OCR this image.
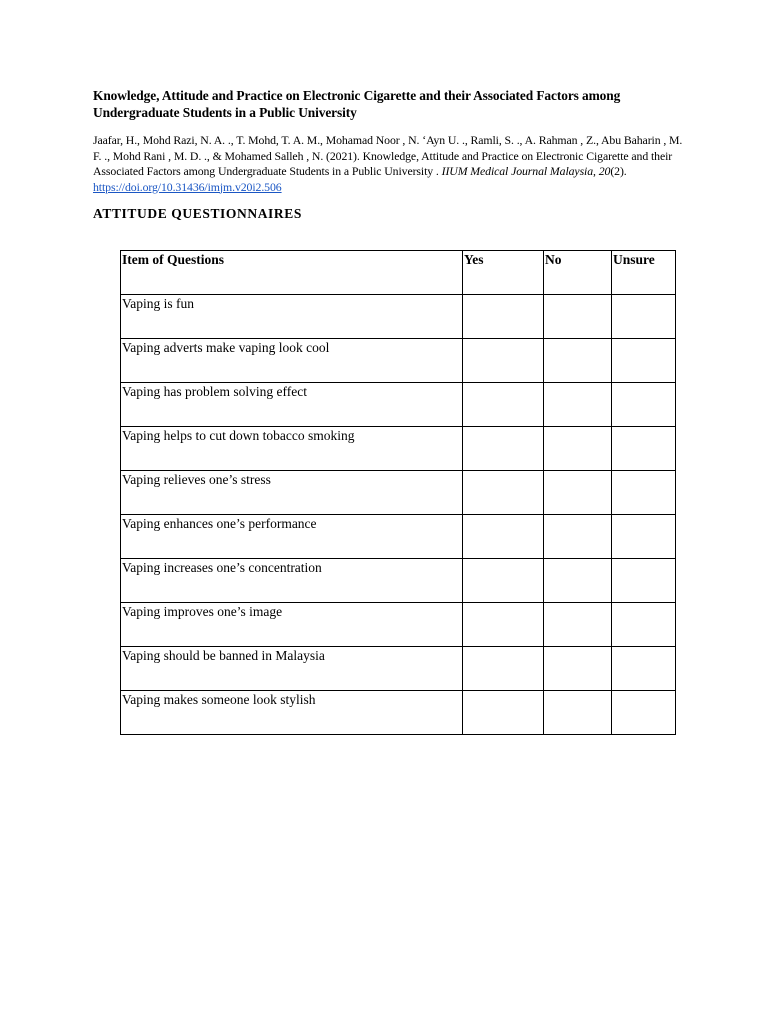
Knowledge, Attitude and Practice on Electronic Cigarette and their Associated Factors among Undergraduate Students in a Public University
Jaafar, H., Mohd Razi, N. A. ., T. Mohd, T. A. M., Mohamad Noor , N. ‘Ayn U. ., Ramli, S. ., A. Rahman , Z., Abu Baharin , M. F. ., Mohd Rani , M. D. ., & Mohamed Salleh , N. (2021). Knowledge, Attitude and Practice on Electronic Cigarette and their Associated Factors among Undergraduate Students in a Public University . IIUM Medical Journal Malaysia, 20(2). https://doi.org/10.31436/imjm.v20i2.506
ATTITUDE QUESTIONNAIRES
Item of Questions	Yes	No	Unsure
Vaping is fun			
Vaping adverts make vaping look cool			
Vaping has problem solving effect			
Vaping helps to cut down tobacco smoking			
Vaping relieves one’s stress			
Vaping enhances one’s performance			
Vaping increases one’s concentration			
Vaping improves one’s image			
Vaping should be banned in Malaysia			
Vaping makes someone look stylish			
